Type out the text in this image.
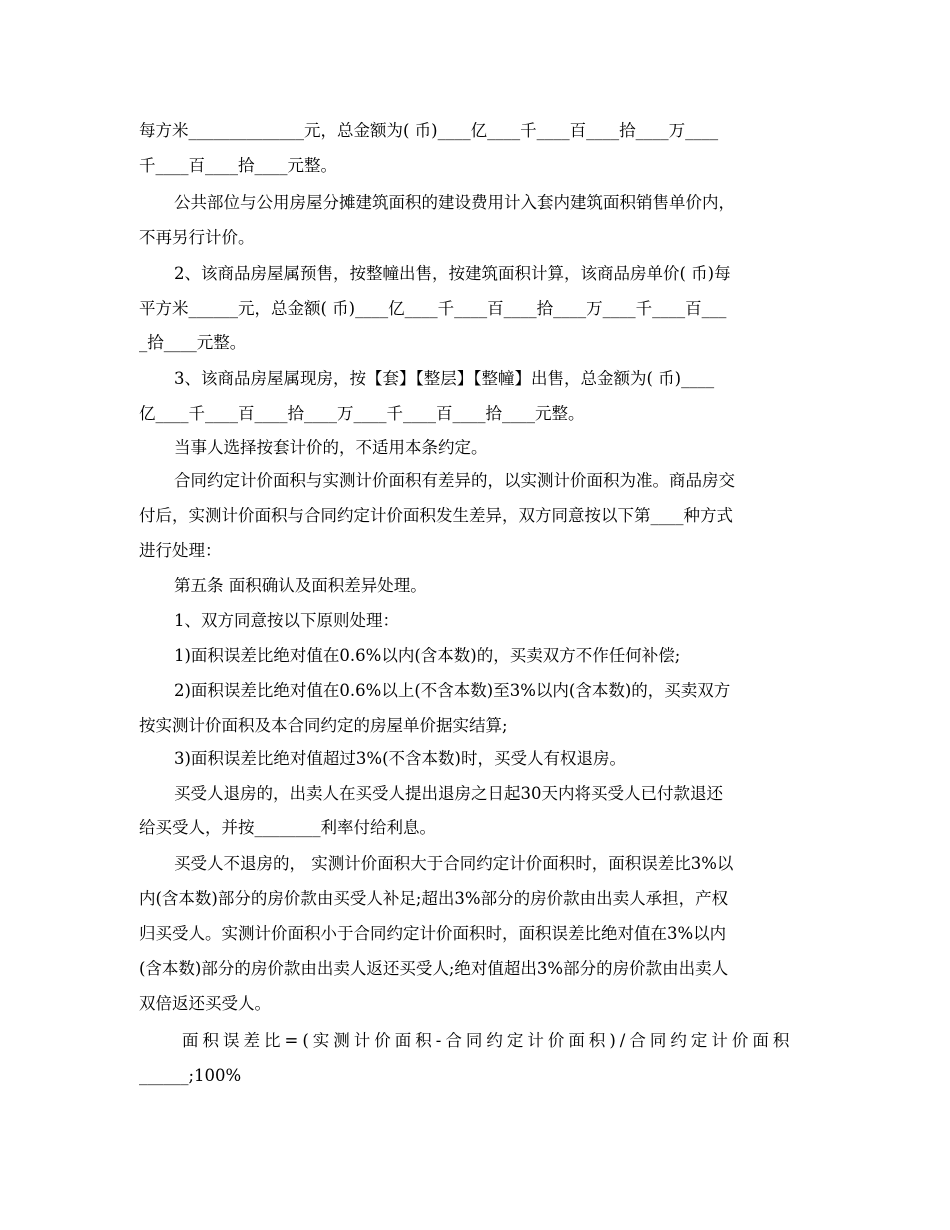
每方米______________元，总金额为( 币)____亿____千____百____拾____万____

千____百____拾____元整。

公共部位与公用房屋分摊建筑面积的建设费用计入套内建筑面积销售单价内，

不再另行计价。

2、该商品房屋属预售，按整幢出售，按建筑面积计算，该商品房单价( 币)每

平方米______元，总金额( 币)____亿____千____百____拾____万____千____百___

_拾____元整。

3、该商品房屋属现房，按【套】【整层】【整幢】出售，总金额为( 币)____

亿____千____百____拾____万____千____百____拾____元整。

当事人选择按套计价的，不适用本条约定。

合同约定计价面积与实测计价面积有差异的，以实测计价面积为准。商品房交

付后，实测计价面积与合同约定计价面积发生差异，双方同意按以下第____种方式

进行处理：

第五条 面积确认及面积差异处理。

1、双方同意按以下原则处理：

1)面积误差比绝对值在0.6%以内(含本数)的，买卖双方不作任何补偿;

2)面积误差比绝对值在0.6%以上(不含本数)至3%以内(含本数)的，买卖双方

按实测计价面积及本合同约定的房屋单价据实结算;

3)面积误差比绝对值超过3%(不含本数)时，买受人有权退房。

买受人退房的，出卖人在买受人提出退房之日起30天内将买受人已付款退还

给买受人，并按________利率付给利息。

买受人不退房的， 实测计价面积大于合同约定计价面积时，面积误差比3%以

内(含本数)部分的房价款由买受人补足;超出3%部分的房价款由出卖人承担，产权

归买受人。实测计价面积小于合同约定计价面积时，面积误差比绝对值在3%以内

(含本数)部分的房价款由出卖人返还买受人;绝对值超出3%部分的房价款由出卖人

双倍返还买受人。

面积误差比=(实测计价面积-合同约定计价面积)/合同约定计价面积

______;100%
